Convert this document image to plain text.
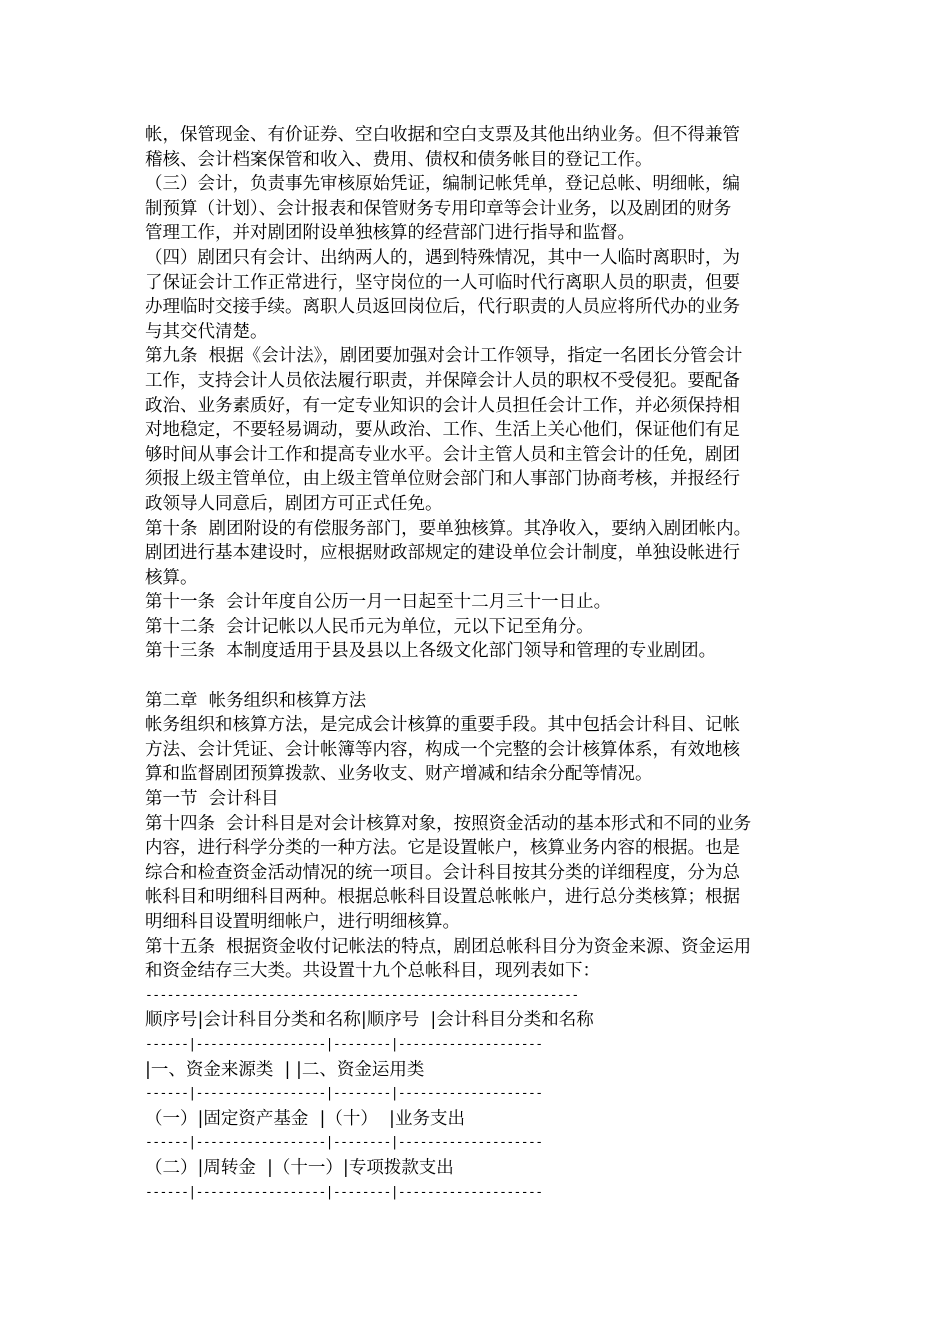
帐，保管现金、有价证券、空白收据和空白支票及其他出纳业务。但不得兼管
稽核、会计档案保管和收入、费用、债权和债务帐目的登记工作。
（三）会计，负责事先审核原始凭证，编制记帐凭单，登记总帐、明细帐，编
制预算（计划）、会计报表和保管财务专用印章等会计业务，以及剧团的财务
管理工作，并对剧团附设单独核算的经营部门进行指导和监督。
（四）剧团只有会计、出纳两人的，遇到特殊情况，其中一人临时离职时，为
了保证会计工作正常进行，坚守岗位的一人可临时代行离职人员的职责，但要
办理临时交接手续。离职人员返回岗位后，代行职责的人员应将所代办的业务
与其交代清楚。
第九条  根据《会计法》，剧团要加强对会计工作领导，指定一名团长分管会计
工作，支持会计人员依法履行职责，并保障会计人员的职权不受侵犯。要配备
政治、业务素质好，有一定专业知识的会计人员担任会计工作，并必须保持相
对地稳定，不要轻易调动，要从政治、工作、生活上关心他们，保证他们有足
够时间从事会计工作和提高专业水平。会计主管人员和主管会计的任免，剧团
须报上级主管单位，由上级主管单位财会部门和人事部门协商考核，并报经行
政领导人同意后，剧团方可正式任免。
第十条  剧团附设的有偿服务部门，要单独核算。其净收入，要纳入剧团帐内。
剧团进行基本建设时，应根据财政部规定的建设单位会计制度，单独设帐进行
核算。
第十一条  会计年度自公历一月一日起至十二月三十一日止。
第十二条  会计记帐以人民币元为单位，元以下记至角分。
第十三条  本制度适用于县及县以上各级文化部门领导和管理的专业剧团。
第二章  帐务组织和核算方法
帐务组织和核算方法，是完成会计核算的重要手段。其中包括会计科目、记帐
方法、会计凭证、会计帐簿等内容，构成一个完整的会计核算体系，有效地核
算和监督剧团预算拨款、业务收支、财产增减和结余分配等情况。
第一节  会计科目
第十四条  会计科目是对会计核算对象，按照资金活动的基本形式和不同的业务
内容，进行科学分类的一种方法。它是设置帐户，核算业务内容的根据。也是
综合和检查资金活动情况的统一项目。会计科目按其分类的详细程度，分为总
帐科目和明细科目两种。根据总帐科目设置总帐帐户，进行总分类核算；根据
明细科目设置明细帐户，进行明细核算。
第十五条  根据资金收付记帐法的特点，剧团总帐科目分为资金来源、资金运用
和资金结存三大类。共设置十九个总帐科目，现列表如下：
------------------------------------------------------------
顺序号|会计科目分类和名称|顺序号  |会计科目分类和名称
------|------------------|--------|--------------------
|一、资金来源类  | |二、资金运用类
------|------------------|--------|--------------------
（一）|固定资产基金  |（十）  |业务支出
------|------------------|--------|--------------------
（二）|周转金  |（十一）|专项拨款支出
------|------------------|--------|--------------------
